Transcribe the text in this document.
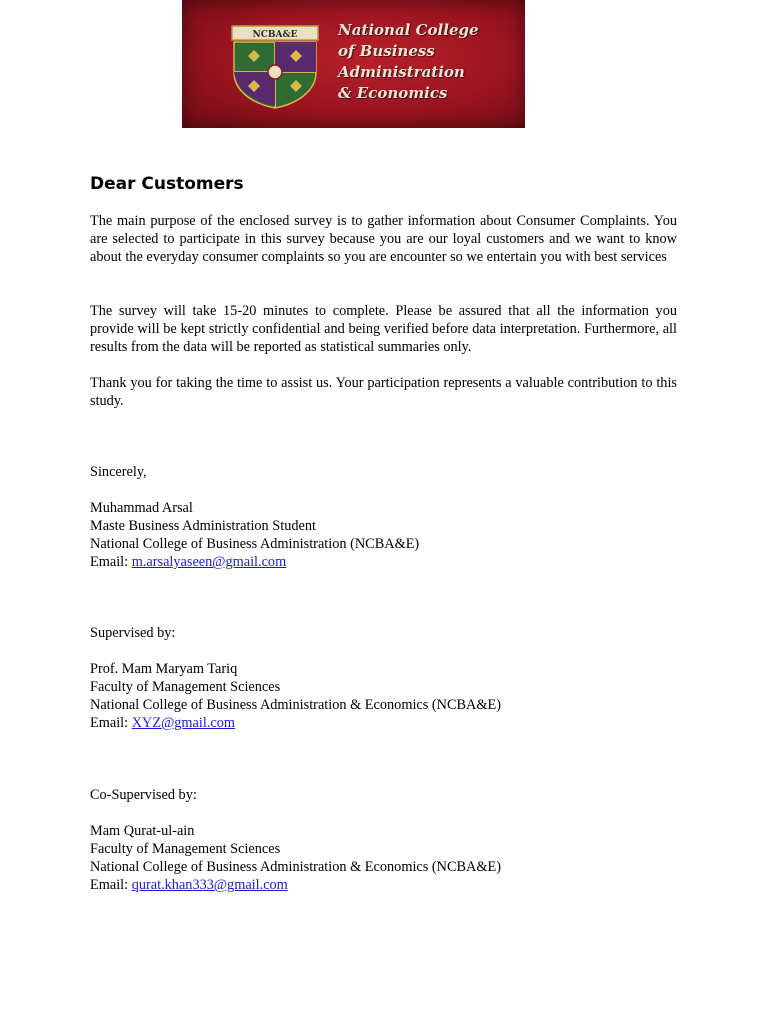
NCBA&E	National College
of Business
Administration
& Economics
Dear Customers

The main purpose of the enclosed survey is to gather information about Consumer Complaints. You are selected to participate in this survey because you are our loyal customers and we want to know about the everyday consumer complaints so you are encounter so we entertain you with best services

The survey will take 15-20 minutes to complete. Please be assured that all the information you provide will be kept strictly confidential and being verified before data interpretation. Furthermore, all results from the data will be reported as statistical summaries only.

Thank you for taking the time to assist us. Your participation represents a valuable contribution to this study.

Sincerely,

Muhammad Arsal

Maste Business Administration Student

National College of Business Administration (NCBA&E)

Email: m.arsalyaseen@gmail.com

Supervised by:

Prof. Mam Maryam Tariq

Faculty of Management Sciences

National College of Business Administration & Economics (NCBA&E)

Email: XYZ@gmail.com

Co-Supervised by:

Mam Qurat-ul-ain

Faculty of Management Sciences

National College of Business Administration & Economics (NCBA&E)

Email: qurat.khan333@gmail.com
